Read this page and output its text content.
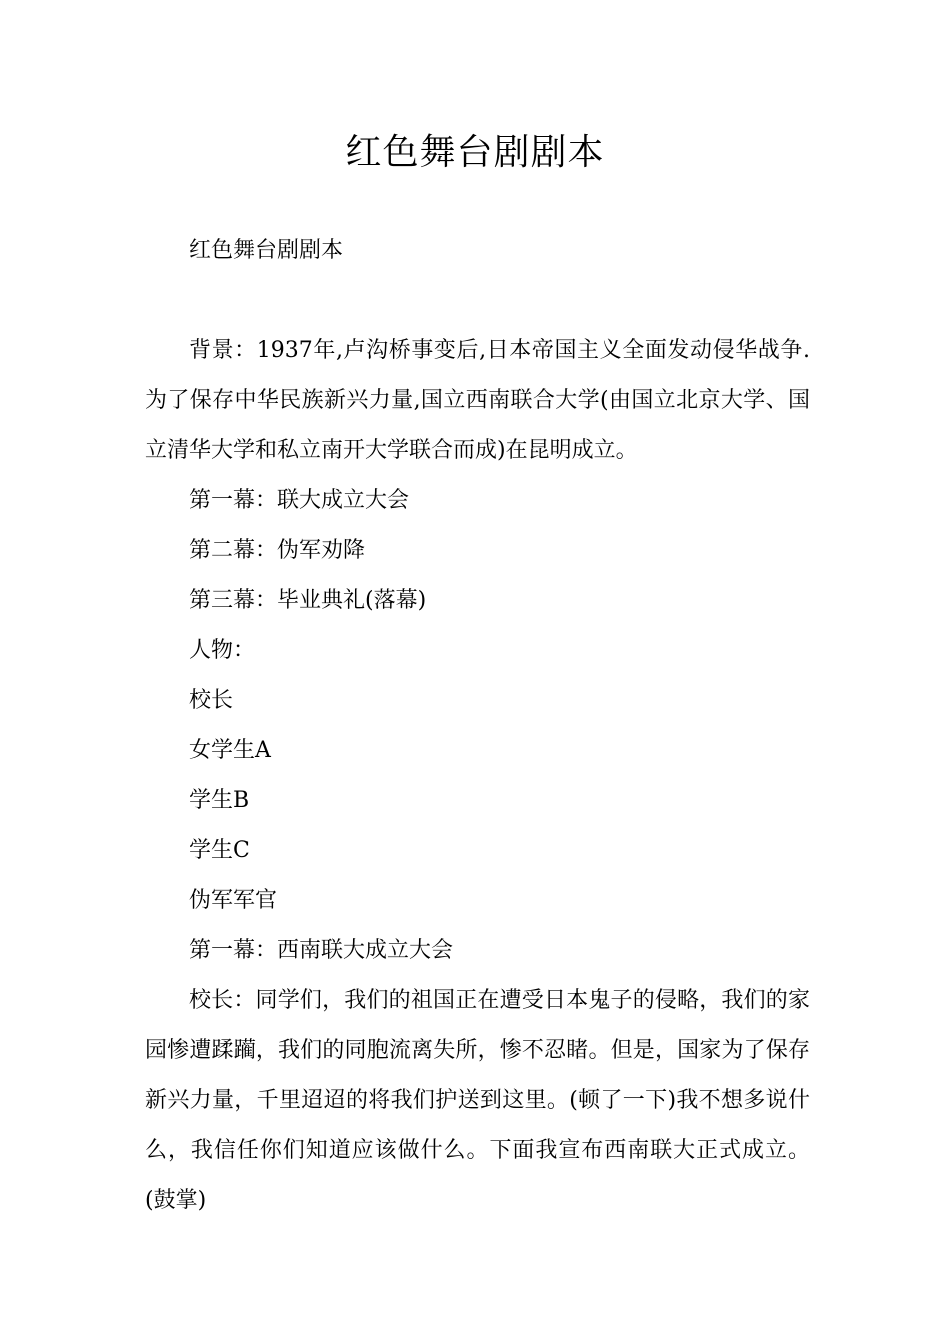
红色舞台剧剧本

红色舞台剧剧本

背景：1937年,卢沟桥事变后,日本帝国主义全面发动侵华战争.为了保存中华民族新兴力量,国立西南联合大学(由国立北京大学、国立清华大学和私立南开大学联合而成)在昆明成立。

第一幕：联大成立大会

第二幕：伪军劝降

第三幕：毕业典礼(落幕)

人物：

校长

女学生A

学生B

学生C

伪军军官

第一幕：西南联大成立大会

校长：同学们，我们的祖国正在遭受日本鬼子的侵略，我们的家园惨遭蹂躏，我们的同胞流离失所，惨不忍睹。但是，国家为了保存新兴力量，千里迢迢的将我们护送到这里。(顿了一下)我不想多说什么，我信任你们知道应该做什么。下面我宣布西南联大正式成立。(鼓掌)
